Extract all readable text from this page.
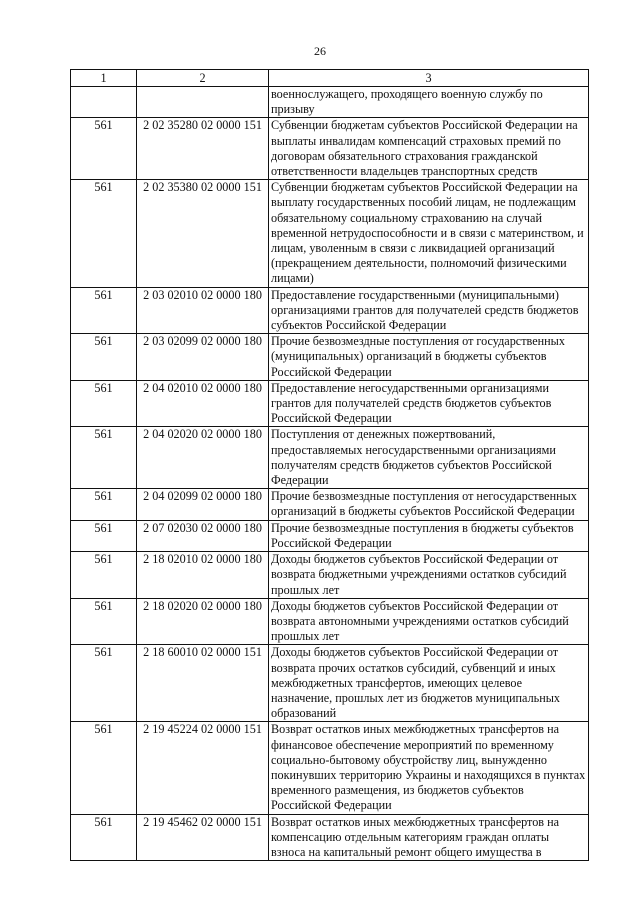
26
1	2	3
		военнослужащего, проходящего военную службу по призыву
561	2 02 35280 02 0000 151	Субвенции бюджетам субъектов Российской Федерации на выплаты инвалидам компенсаций страховых премий по договорам обязательного страхования гражданской ответственности владельцев транспортных средств
561	2 02 35380 02 0000 151	Субвенции бюджетам субъектов Российской Федерации на выплату государственных пособий лицам, не подлежащим обязательному социальному страхованию на случай временной нетрудоспособности и в связи с материнством, и лицам, уволенным в связи с ликвидацией организаций (прекращением деятельности, полномочий физическими лицами)
561	2 03 02010 02 0000 180	Предоставление государственными (муниципальными) организациями грантов для получателей средств бюджетов субъектов Российской Федерации
561	2 03 02099 02 0000 180	Прочие безвозмездные поступления от государственных (муниципальных) организаций в бюджеты субъектов Российской Федерации
561	2 04 02010 02 0000 180	Предоставление негосударственными организациями грантов для получателей средств бюджетов субъектов Российской Федерации
561	2 04 02020 02 0000 180	Поступления от денежных пожертвований, предоставляемых негосударственными организациями получателям средств бюджетов субъектов Российской Федерации
561	2 04 02099 02 0000 180	Прочие безвозмездные поступления от негосударственных организаций в бюджеты субъектов Российской Федерации
561	2 07 02030 02 0000 180	Прочие безвозмездные поступления в бюджеты субъектов Российской Федерации
561	2 18 02010 02 0000 180	Доходы бюджетов субъектов Российской Федерации от возврата бюджетными учреждениями остатков субсидий прошлых лет
561	2 18 02020 02 0000 180	Доходы бюджетов субъектов Российской Федерации от возврата автономными учреждениями остатков субсидий прошлых лет
561	2 18 60010 02 0000 151	Доходы бюджетов субъектов Российской Федерации от возврата прочих остатков субсидий, субвенций и иных межбюджетных трансфертов, имеющих целевое назначение, прошлых лет из бюджетов муниципальных образований
561	2 19 45224 02 0000 151	Возврат остатков иных межбюджетных трансфертов на финансовое обеспечение мероприятий по временному социально-бытовому обустройству лиц, вынужденно покинувших территорию Украины и находящихся в пунктах временного размещения, из бюджетов субъектов Российской Федерации
561	2 19 45462 02 0000 151	Возврат остатков иных межбюджетных трансфертов на компенсацию отдельным категориям граждан оплаты взноса на капитальный ремонт общего имущества в
